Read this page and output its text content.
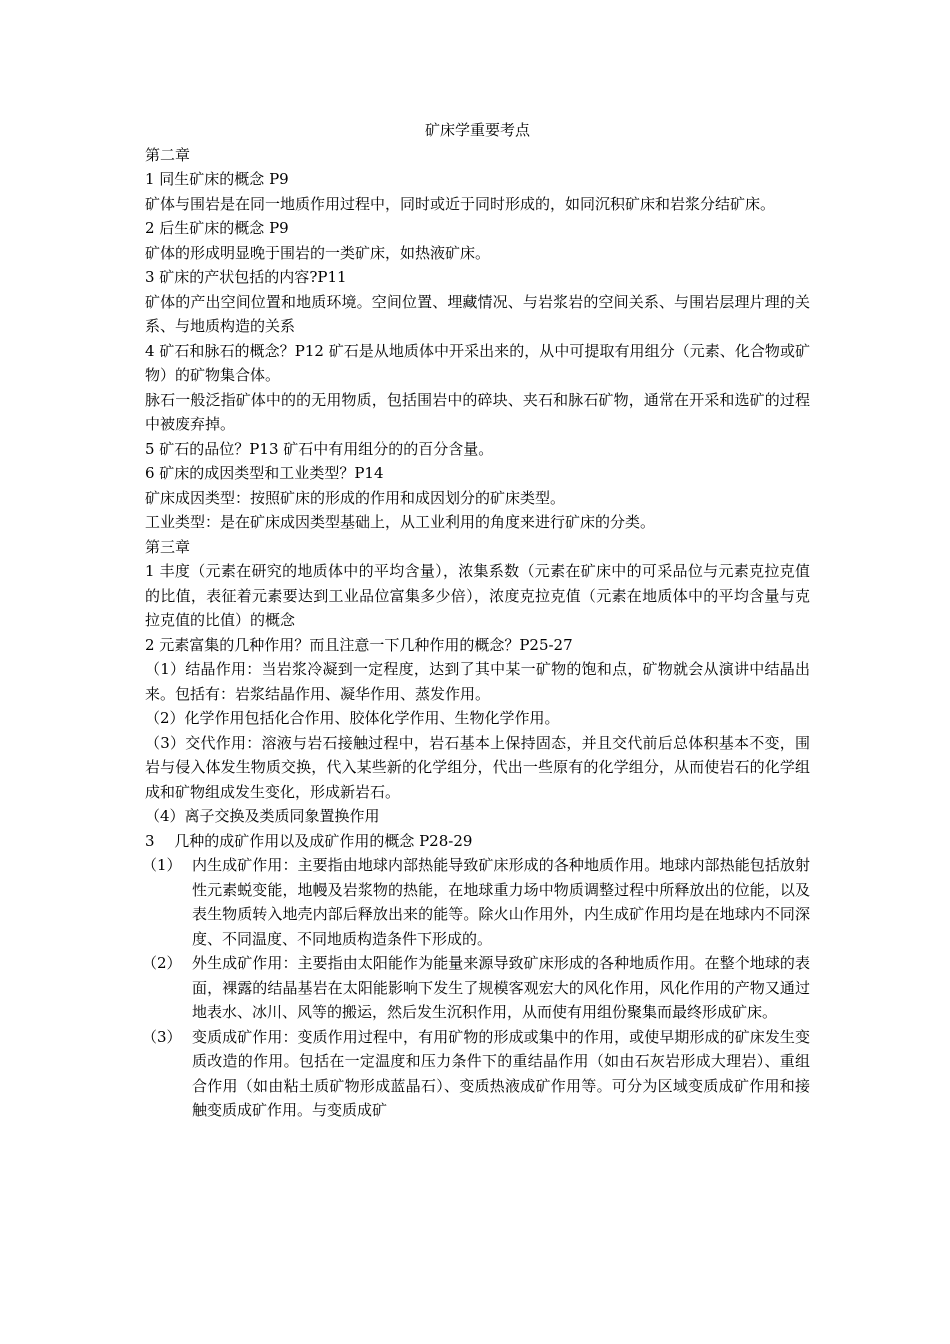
矿床学重要考点

第二章

1 同生矿床的概念 P9

矿体与围岩是在同一地质作用过程中，同时或近于同时形成的，如同沉积矿床和岩浆分结矿床。

2 后生矿床的概念 P9

矿体的形成明显晚于围岩的一类矿床，如热液矿床。

3 矿床的产状包括的内容?P11

矿体的产出空间位置和地质环境。空间位置、埋藏情况、与岩浆岩的空间关系、与围岩层理片理的关系、与地质构造的关系

4 矿石和脉石的概念？P12 矿石是从地质体中开采出来的，从中可提取有用组分（元素、化合物或矿物）的矿物集合体。

脉石一般泛指矿体中的的无用物质，包括围岩中的碎块、夹石和脉石矿物，通常在开采和选矿的过程中被废弃掉。

5 矿石的品位？P13 矿石中有用组分的的百分含量。

6 矿床的成因类型和工业类型？P14

矿床成因类型：按照矿床的形成的作用和成因划分的矿床类型。

工业类型：是在矿床成因类型基础上，从工业利用的角度来进行矿床的分类。

第三章

1 丰度（元素在研究的地质体中的平均含量），浓集系数（元素在矿床中的可采品位与元素克拉克值的比值，表征着元素要达到工业品位富集多少倍），浓度克拉克值（元素在地质体中的平均含量与克拉克值的比值）的概念

2 元素富集的几种作用？而且注意一下几种作用的概念？P25-27

（1）结晶作用：当岩浆冷凝到一定程度，达到了其中某一矿物的饱和点，矿物就会从演讲中结晶出来。包括有：岩浆结晶作用、凝华作用、蒸发作用。

（2）化学作用包括化合作用、胶体化学作用、生物化学作用。

（3）交代作用：溶液与岩石接触过程中，岩石基本上保持固态，并且交代前后总体积基本不变，围岩与侵入体发生物质交换，代入某些新的化学组分，代出一些原有的化学组分，从而使岩石的化学组成和矿物组成发生变化，形成新岩石。

（4）离子交换及类质同象置换作用

3　 几种的成矿作用以及成矿作用的概念 P28-29

（1） 内生成矿作用：主要指由地球内部热能导致矿床形成的各种地质作用。地球内部热能包括放射性元素蜕变能，地幔及岩浆物的热能，在地球重力场中物质调整过程中所释放出的位能，以及表生物质转入地壳内部后释放出来的能等。除火山作用外，内生成矿作用均是在地球内不同深度、不同温度、不同地质构造条件下形成的。
（2） 外生成矿作用：主要指由太阳能作为能量来源导致矿床形成的各种地质作用。在整个地球的表面，裸露的结晶基岩在太阳能影响下发生了规模客观宏大的风化作用，风化作用的产物又通过地表水、冰川、风等的搬运，然后发生沉积作用，从而使有用组份聚集而最终形成矿床。
（3） 变质成矿作用：变质作用过程中，有用矿物的形成或集中的作用，或使早期形成的矿床发生变质改造的作用。包括在一定温度和压力条件下的重结晶作用（如由石灰岩形成大理岩）、重组合作用（如由粘土质矿物形成蓝晶石）、变质热液成矿作用等。可分为区域变质成矿作用和接触变质成矿作用。与变质成矿
